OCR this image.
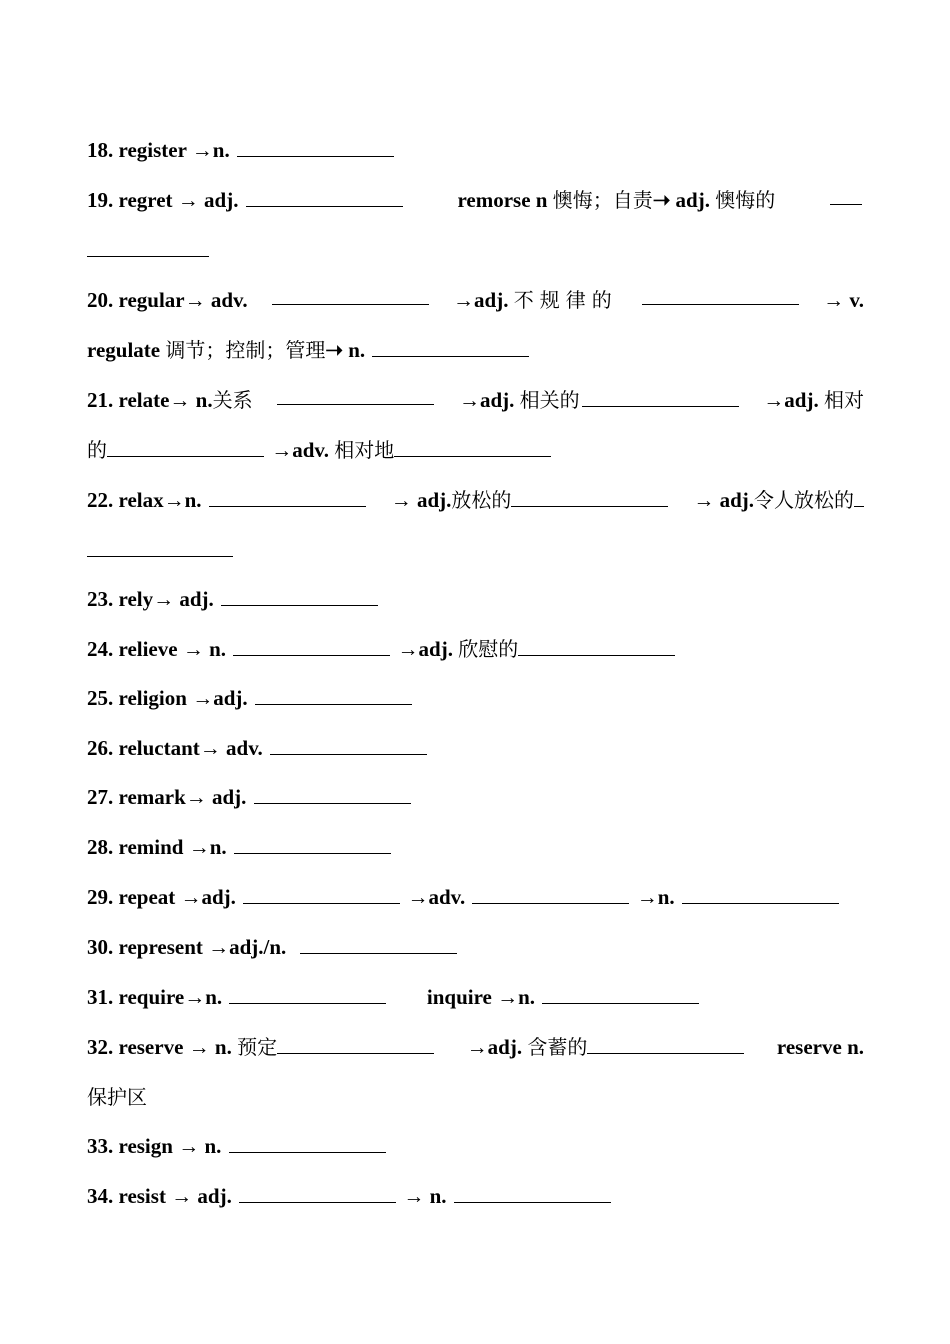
18. register →n.
19. regret → adj.	remorse n 懊悔；自责➝ adj. 懊悔的
20. regular→ adv.	→adj. 不规律的	→ v.
regulate 调节；控制；管理➝ n.
21. relate→ n.关系	→adj. 相关的	→adj. 相对
的	→adv. 相对地
22. relax→n.	→ adj.放松的	→ adj.令人放松的
23. rely→ adj.
24. relieve → n.	→adj. 欣慰的
25. religion →adj.
26. reluctant→ adv.
27. remark→ adj.
28. remind →n.
29. repeat →adj.	→adv.	→n.
30. represent →adj./n.
31. require→n.	inquire →n.
32. reserve → n. 预定	→adj. 含蓄的	reserve n.
保护区
33. resign → n.
34. resist → adj.	→ n.
